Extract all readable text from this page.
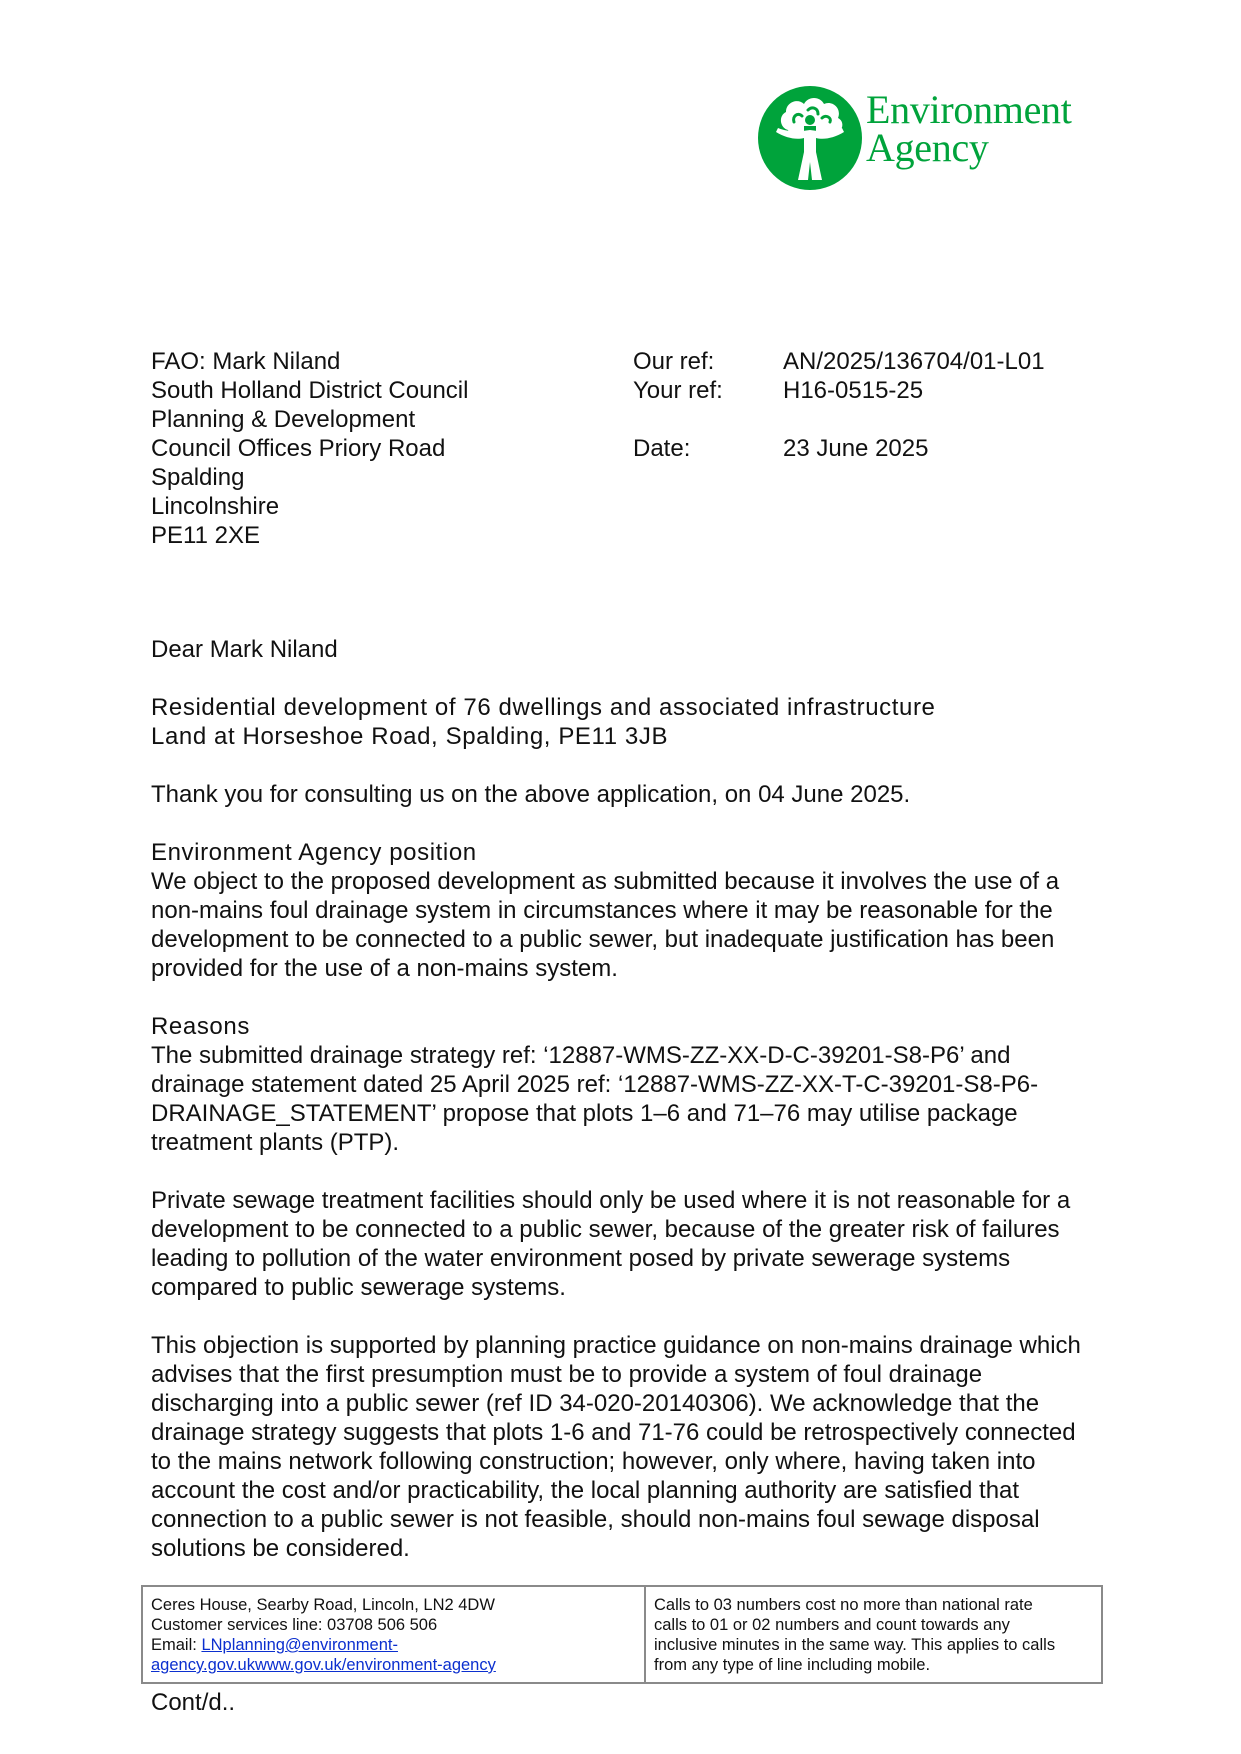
Environment
Agency
FAO: Mark Niland
South Holland District Council
Planning & Development
Council Offices Priory Road
Spalding
Lincolnshire
PE11 2XE
Our ref:	AN/2025/136704/01-L01
Your ref:	H16-0515-25
Date:	23 June 2025

Dear Mark Niland

Residential development of 76 dwellings and associated infrastructure

Land at Horseshoe Road, Spalding, PE11 3JB

Thank you for consulting us on the above application, on 04 June 2025.

Environment Agency position

We object to the proposed development as submitted because it involves the use of a

non-mains foul drainage system in circumstances where it may be reasonable for the

development to be connected to a public sewer, but inadequate justification has been

provided for the use of a non-mains system.

Reasons

The submitted drainage strategy ref: ‘12887-WMS-ZZ-XX-D-C-39201-S8-P6’ and

drainage statement dated 25 April 2025 ref: ‘12887-WMS-ZZ-XX-T-C-39201-S8-P6-

DRAINAGE_STATEMENT’ propose that plots 1–6 and 71–76 may utilise package

treatment plants (PTP).

Private sewage treatment facilities should only be used where it is not reasonable for a

development to be connected to a public sewer, because of the greater risk of failures

leading to pollution of the water environment posed by private sewerage systems

compared to public sewerage systems.

This objection is supported by planning practice guidance on non-mains drainage which

advises that the first presumption must be to provide a system of foul drainage

discharging into a public sewer (ref ID 34-020-20140306). We acknowledge that the

drainage strategy suggests that plots 1-6 and 71-76 could be retrospectively connected

to the mains network following construction; however, only where, having taken into

account the cost and/or practicability, the local planning authority are satisfied that

connection to a public sewer is not feasible, should non-mains foul sewage disposal

solutions be considered.

Ceres House, Searby Road, Lincoln, LN2 4DW
Customer services line: 03708 506 506
Email: LNplanning@environment-
agency.gov.ukwww.gov.uk/environment-agency
Calls to 03 numbers cost no more than national rate
calls to 01 or 02 numbers and count towards any
inclusive minutes in the same way. This applies to calls
from any type of line including mobile.
Cont/d..
